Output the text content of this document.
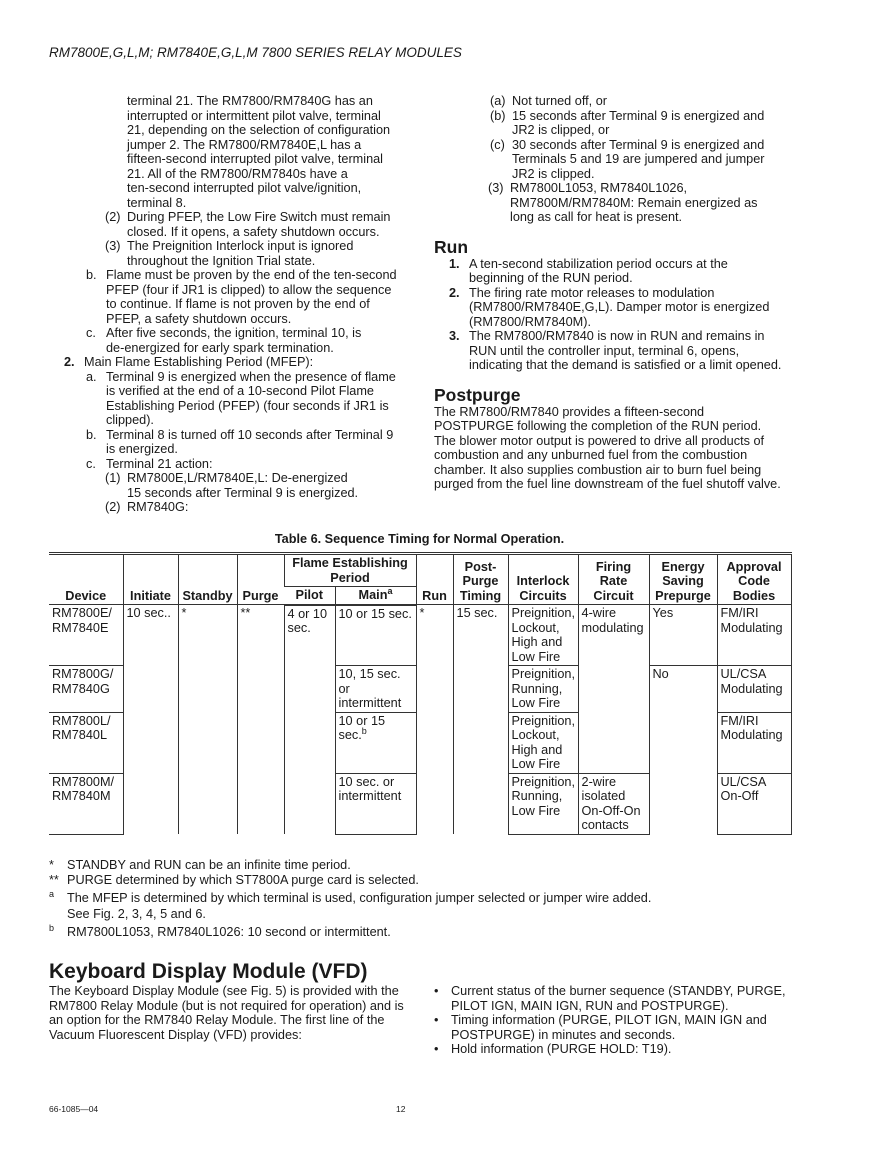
RM7800E,G,L,M; RM7840E,G,L,M 7800 SERIES RELAY MODULES
terminal 21. The RM7800/RM7840G has an
interrupted or intermittent pilot valve, terminal
21, depending on the selection of configuration
jumper 2. The RM7800/RM7840E,L has a
fifteen-second interrupted pilot valve, terminal
21. All of the RM7800/RM7840s have a
ten-second interrupted pilot valve/ignition,
terminal 8.
(2) During PFEP, the Low Fire Switch must remain
closed. If it opens, a safety shutdown occurs.
(3) The Preignition Interlock input is ignored
throughout the Ignition Trial state.
b. Flame must be proven by the end of the ten-second
PFEP (four if JR1 is clipped) to allow the sequence
to continue. If flame is not proven by the end of
PFEP, a safety shutdown occurs.
c. After five seconds, the ignition, terminal 10, is
de-energized for early spark termination.
2. Main Flame Establishing Period (MFEP):
a. Terminal 9 is energized when the presence of flame
is verified at the end of a 10-second Pilot Flame
Establishing Period (PFEP) (four seconds if JR1 is
clipped).
b. Terminal 8 is turned off 10 seconds after Terminal 9
is energized.
c. Terminal 21 action:
(1) RM7800E,L/RM7840E,L: De-energized
15 seconds after Terminal 9 is energized.
(2) RM7840G:
(a) Not turned off, or
(b) 15 seconds after Terminal 9 is energized and
JR2 is clipped, or
(c) 30 seconds after Terminal 9 is energized and
Terminals 5 and 19 are jumpered and jumper
JR2 is clipped.
(3) RM7800L1053, RM7840L1026,
RM7800M/RM7840M: Remain energized as
long as call for heat is present.
Run
1. A ten-second stabilization period occurs at the
beginning of the RUN period.
2. The firing rate motor releases to modulation
(RM7800/RM7840E,G,L). Damper motor is energized
(RM7800/RM7840M).
3. The RM7800/RM7840 is now in RUN and remains in
RUN until the controller input, terminal 6, opens,
indicating that the demand is satisfied or a limit opened.
Postpurge
The RM7800/RM7840 provides a fifteen-second
POSTPURGE following the completion of the RUN period.
The blower motor output is powered to drive all products of
combustion and any unburned fuel from the combustion
chamber. It also supplies combustion air to burn fuel being
purged from the fuel line downstream of the fuel shutoff valve.
Table 6. Sequence Timing for Normal Operation.
Device	Initiate	Standby	Purge	Flame Establishing Period		Run	Post-Purge Timing	Interlock Circuits	Firing Rate Circuit	Energy Saving Prepurge	Approval Code Bodies
				Pilot	Main$^a$
RM7800E/ RM7840E	10 sec..	*	**	4 or 10 sec.	10 or 15 sec.	*	15 sec.	Preignition, Lockout, High and Low Fire	4-wire modulating	Yes	FM/IRI Modulating
RM7800G/ RM7840G					10, 15 sec. or intermittent			Preignition, Running, Low Fire		No	UL/CSA Modulating
RM7800L/ RM7840L					10 or 15 sec.$^b$			Preignition, Lockout, High and Low Fire			FM/IRI Modulating
RM7800M/ RM7840M					10 sec. or intermittent			Preignition, Running, Low Fire	2-wire isolated On-Off-On contacts		UL/CSA On-Off
* STANDBY and RUN can be an infinite time period.
** PURGE determined by which ST7800A purge card is selected.
a The MFEP is determined by which terminal is used, configuration jumper selected or jumper wire added.
See Fig. 2, 3, 4, 5 and 6.
b RM7800L1053, RM7840L1026: 10 second or intermittent.
Keyboard Display Module (VFD)
The Keyboard Display Module (see Fig. 5) is provided with the RM7800 Relay Module (but is not required for operation) and is an option for the RM7840 Relay Module. The first line of the Vacuum Fluorescent Display (VFD) provides:
• Current status of the burner sequence (STANDBY, PURGE, PILOT IGN, MAIN IGN, RUN and POSTPURGE).
• Timing information (PURGE, PILOT IGN, MAIN IGN and POSTPURGE) in minutes and seconds.
• Hold information (PURGE HOLD: T19).
66-1085—04	12
